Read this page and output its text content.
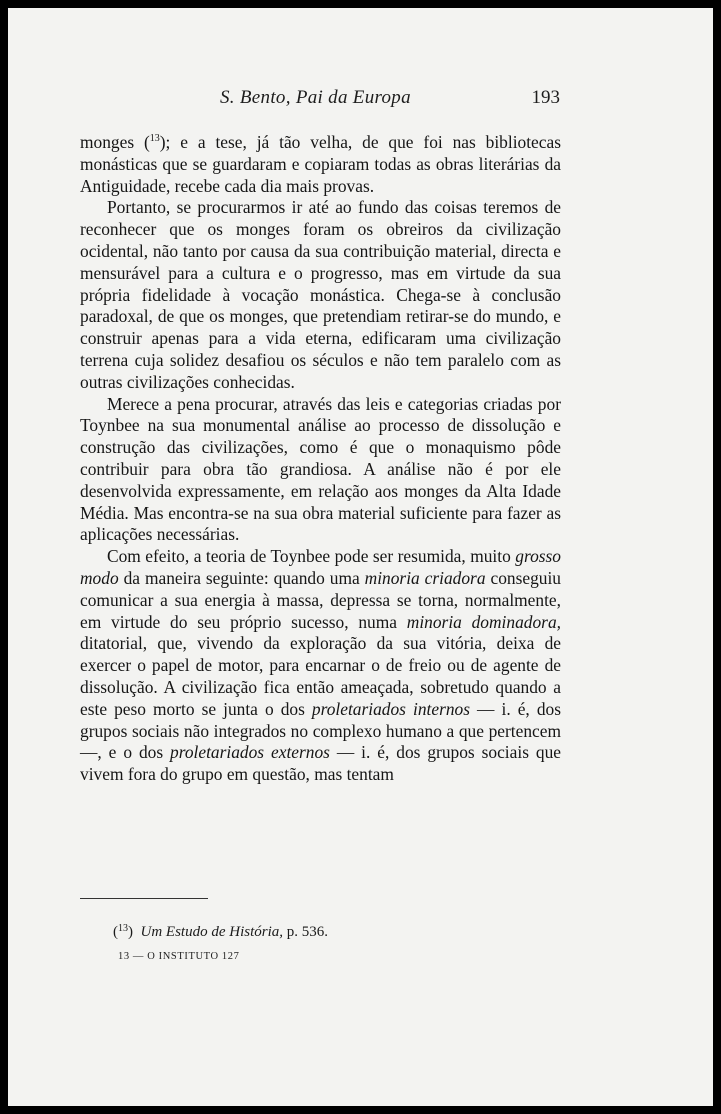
S. Bento, Pai da Europa	193

monges ($^{13}$); e a tese, já tão velha, de que foi nas bibliotecas monásticas que se guardaram e copiaram todas as obras literárias da Antiguidade, recebe cada dia mais provas.

Portanto, se procurarmos ir até ao fundo das coisas teremos de reconhecer que os monges foram os obreiros da civilização ocidental, não tanto por causa da sua contribuição material, directa e mensurável para a cultura e o progresso, mas em virtude da sua própria fidelidade à vocação monástica. Chega-se à conclusão paradoxal, de que os monges, que pretendiam retirar-se do mundo, e construir apenas para a vida eterna, edificaram uma civilização terrena cuja solidez desafiou os séculos e não tem paralelo com as outras civilizações conhecidas.

Merece a pena procurar, através das leis e categorias criadas por Toynbee na sua monumental análise ao processo de dissolução e construção das civilizações, como é que o monaquismo pôde contribuir para obra tão grandiosa. A análise não é por ele desenvolvida expressamente, em relação aos monges da Alta Idade Média. Mas encontra-se na sua obra material suficiente para fazer as aplicações necessárias.

Com efeito, a teoria de Toynbee pode ser resumida, muito grosso modo da maneira seguinte: quando uma minoria criadora conseguiu comunicar a sua energia à massa, depressa se torna, normalmente, em virtude do seu próprio sucesso, numa minoria dominadora, ditatorial, que, vivendo da exploração da sua vitória, deixa de exercer o papel de motor, para encarnar o de freio ou de agente de dissolução. A civilização fica então ameaçada, sobretudo quando a este peso morto se junta o dos proletariados internos — i. é, dos grupos sociais não integrados no complexo humano a que pertencem —, e o dos proletariados externos — i. é, dos grupos sociais que vivem fora do grupo em questão, mas tentam

($^{13}$)  Um Estudo de História, p. 536.
13 — O INSTITUTO 127
